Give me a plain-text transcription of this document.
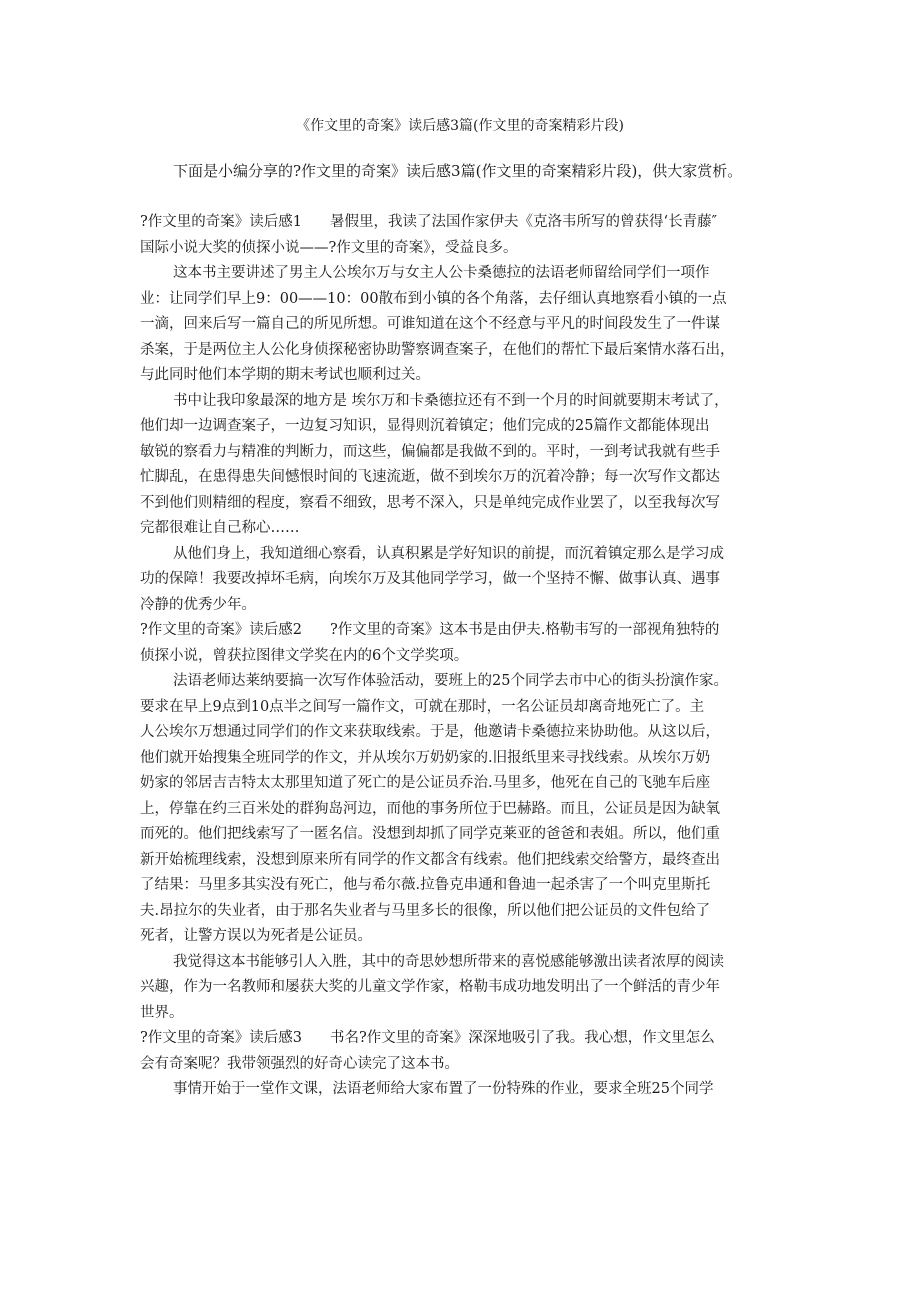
《作文里的奇案》读后感3篇(作文里的奇案精彩片段)
下面是小编分享的?作文里的奇案》读后感3篇(作文里的奇案精彩片段)，供大家赏析。
?作文里的奇案》读后感1 暑假里，我读了法国作家伊夫《克洛韦所写的曾获得‘长青藤″
国际小说大奖的侦探小说——?作文里的奇案》，受益良多。
这本书主要讲述了男主人公埃尔万与女主人公卡桑德拉的法语老师留给同学们一项作
业：让同学们早上9：00——10：00散布到小镇的各个角落，去仔细认真地察看小镇的一点
一滴，回来后写一篇自己的所见所想。可谁知道在这个不经意与平凡的时间段发生了一件谋
杀案，于是两位主人公化身侦探秘密协助警察调查案子，在他们的帮忙下最后案情水落石出，
与此同时他们本学期的期末考试也顺利过关。
书中让我印象最深的地方是 埃尔万和卡桑德拉还有不到一个月的时间就要期末考试了，
他们却一边调查案子，一边复习知识，显得则沉着镇定；他们完成的25篇作文都能体现出
敏锐的察看力与精准的判断力，而这些，偏偏都是我做不到的。平时，一到考试我就有些手
忙脚乱，在患得患失间憾恨时间的飞速流逝，做不到埃尔万的沉着冷静；每一次写作文都达
不到他们则精细的程度，察看不细致，思考不深入，只是单纯完成作业罢了，以至我每次写
完都很难让自己称心……
从他们身上，我知道细心察看，认真积累是学好知识的前提，而沉着镇定那么是学习成
功的保障！我要改掉坏毛病，向埃尔万及其他同学学习，做一个坚持不懈、做事认真、遇事
冷静的优秀少年。
?作文里的奇案》读后感2 ?作文里的奇案》这本书是由伊夫.格勒韦写的一部视角独特的
侦探小说，曾获拉图律文学奖在内的6个文学奖项。
法语老师达莱纳要搞一次写作体验活动，要班上的25个同学去市中心的街头扮演作家。
要求在早上9点到10点半之间写一篇作文，可就在那时，一名公证员却离奇地死亡了。主
人公埃尔万想通过同学们的作文来获取线索。于是，他邀请卡桑德拉来协助他。从这以后，
他们就开始搜集全班同学的作文，并从埃尔万奶奶家的.旧报纸里来寻找线索。从埃尔万奶
奶家的邻居吉吉特太太那里知道了死亡的是公证员乔治.马里多，他死在自己的飞驰车后座
上，停靠在约三百米处的群狗岛河边，而他的事务所位于巴赫路。而且，公证员是因为缺氧
而死的。他们把线索写了一匿名信。没想到却抓了同学克莱亚的爸爸和表姐。所以，他们重
新开始梳理线索，没想到原来所有同学的作文都含有线索。他们把线索交给警方，最终查出
了结果：马里多其实没有死亡，他与希尔薇.拉鲁克串通和鲁迪一起杀害了一个叫克里斯托
夫.昂拉尔的失业者，由于那名失业者与马里多长的很像，所以他们把公证员的文件包给了
死者，让警方误以为死者是公证员。
我觉得这本书能够引人入胜，其中的奇思妙想所带来的喜悦感能够激出读者浓厚的阅读
兴趣，作为一名教师和屡获大奖的儿童文学作家，格勒韦成功地发明出了一个鲜活的青少年
世界。
?作文里的奇案》读后感3 书名?作文里的奇案》深深地吸引了我。我心想，作文里怎么
会有奇案呢？我带领强烈的好奇心读完了这本书。
事情开始于一堂作文课，法语老师给大家布置了一份特殊的作业，要求全班25个同学
